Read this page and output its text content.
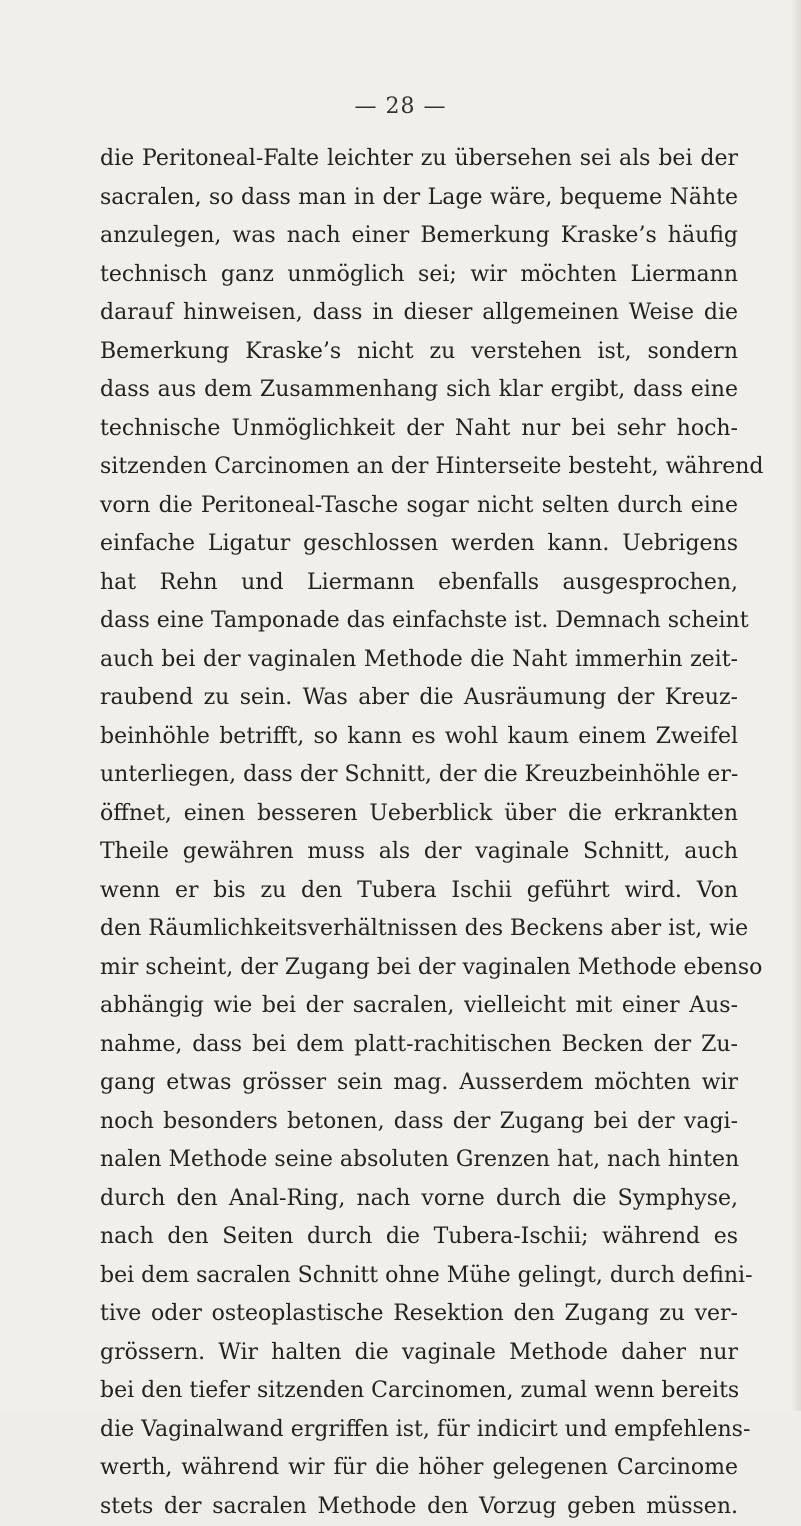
— 28 —
die Peritoneal-Falte leichter zu übersehen sei als bei der
sacralen, so dass man in der Lage wäre, bequeme Nähte
anzulegen, was nach einer Bemerkung Kraske’s häufig
technisch ganz unmöglich sei; wir möchten Liermann
darauf hinweisen, dass in dieser allgemeinen Weise die
Bemerkung Kraske’s nicht zu verstehen ist, sondern
dass aus dem Zusammenhang sich klar ergibt, dass eine
technische Unmöglichkeit der Naht nur bei sehr hoch-
sitzenden Carcinomen an der Hinterseite besteht, während
vorn die Peritoneal-Tasche sogar nicht selten durch eine
einfache Ligatur geschlossen werden kann. Uebrigens
hat Rehn und Liermann ebenfalls ausgesprochen,
dass eine Tamponade das einfachste ist. Demnach scheint
auch bei der vaginalen Methode die Naht immerhin zeit-
raubend zu sein. Was aber die Ausräumung der Kreuz-
beinhöhle betrifft, so kann es wohl kaum einem Zweifel
unterliegen, dass der Schnitt, der die Kreuzbeinhöhle er-
öffnet, einen besseren Ueberblick über die erkrankten
Theile gewähren muss als der vaginale Schnitt, auch
wenn er bis zu den Tubera Ischii geführt wird. Von
den Räumlichkeitsverhältnissen des Beckens aber ist, wie
mir scheint, der Zugang bei der vaginalen Methode ebenso
abhängig wie bei der sacralen, vielleicht mit einer Aus-
nahme, dass bei dem platt-rachitischen Becken der Zu-
gang etwas grösser sein mag. Ausserdem möchten wir
noch besonders betonen, dass der Zugang bei der vagi-
nalen Methode seine absoluten Grenzen hat, nach hinten
durch den Anal-Ring, nach vorne durch die Symphyse,
nach den Seiten durch die Tubera-Ischii; während es
bei dem sacralen Schnitt ohne Mühe gelingt, durch defini-
tive oder osteoplastische Resektion den Zugang zu ver-
grössern. Wir halten die vaginale Methode daher nur
bei den tiefer sitzenden Carcinomen, zumal wenn bereits
die Vaginalwand ergriffen ist, für indicirt und empfehlens-
werth, während wir für die höher gelegenen Carcinome
stets der sacralen Methode den Vorzug geben müssen.
